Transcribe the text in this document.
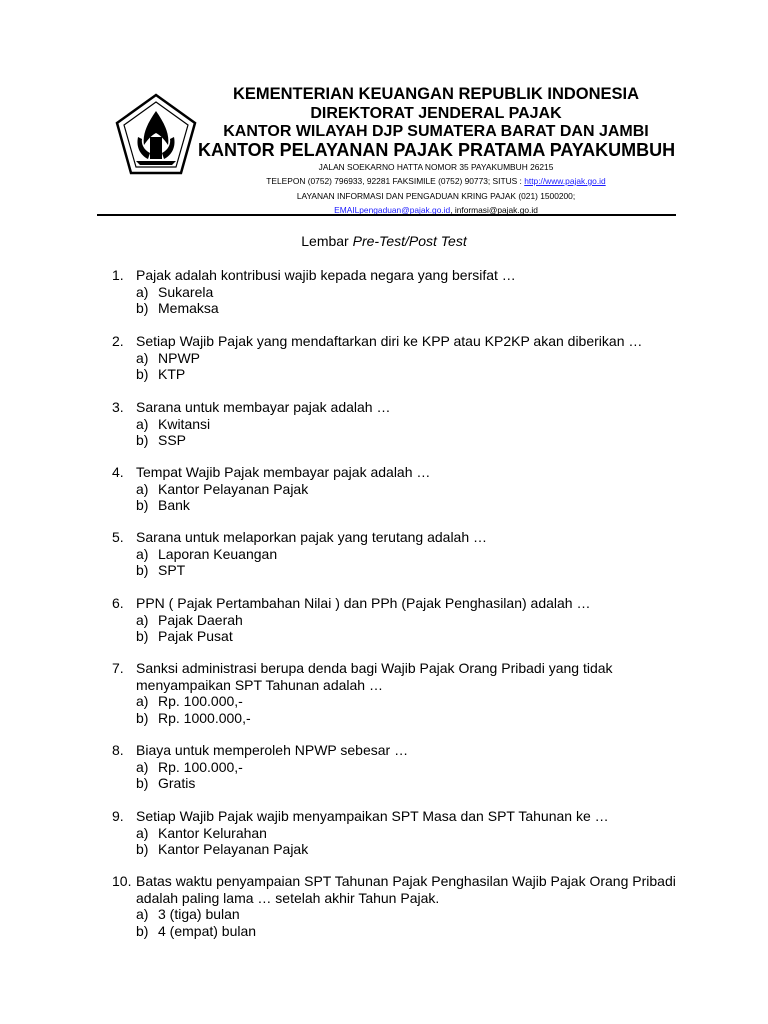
KEMENTERIAN KEUANGAN REPUBLIK INDONESIA
DIREKTORAT JENDERAL PAJAK
KANTOR WILAYAH DJP SUMATERA BARAT DAN JAMBI
KANTOR PELAYANAN PAJAK PRATAMA PAYAKUMBUH
JALAN SOEKARNO HATTA NOMOR 35 PAYAKUMBUH 26215
TELEPON (0752) 796933, 92281 FAKSIMILE (0752) 90773; SITUS : http://www.pajak.go.id
LAYANAN INFORMASI DAN PENGADUAN KRING PAJAK (021) 1500200;
EMAILpengaduan@pajak.go.id, informasi@pajak.go.id
Lembar Pre-Test/Post Test
1. Pajak adalah kontribusi wajib kepada negara yang bersifat …
a) Sukarela
b) Memaksa
2. Setiap Wajib Pajak yang mendaftarkan diri ke KPP atau KP2KP akan diberikan …
a) NPWP
b) KTP
3. Sarana untuk membayar pajak adalah …
a) Kwitansi
b) SSP
4. Tempat Wajib Pajak membayar pajak adalah …
a) Kantor Pelayanan Pajak
b) Bank
5. Sarana untuk melaporkan pajak yang terutang adalah …
a) Laporan Keuangan
b) SPT
6. PPN ( Pajak Pertambahan Nilai ) dan PPh (Pajak Penghasilan) adalah …
a) Pajak Daerah
b) Pajak Pusat
7. Sanksi administrasi berupa denda bagi Wajib Pajak Orang Pribadi yang tidak
menyampaikan SPT Tahunan adalah …
a) Rp. 100.000,-
b) Rp. 1000.000,-
8. Biaya untuk memperoleh NPWP sebesar …
a) Rp. 100.000,-
b) Gratis
9. Setiap Wajib Pajak wajib menyampaikan SPT Masa dan SPT Tahunan ke …
a) Kantor Kelurahan
b) Kantor Pelayanan Pajak
10. Batas waktu penyampaian SPT Tahunan Pajak Penghasilan Wajib Pajak Orang Pribadi
adalah paling lama … setelah akhir Tahun Pajak.
a) 3 (tiga) bulan
b) 4 (empat) bulan
